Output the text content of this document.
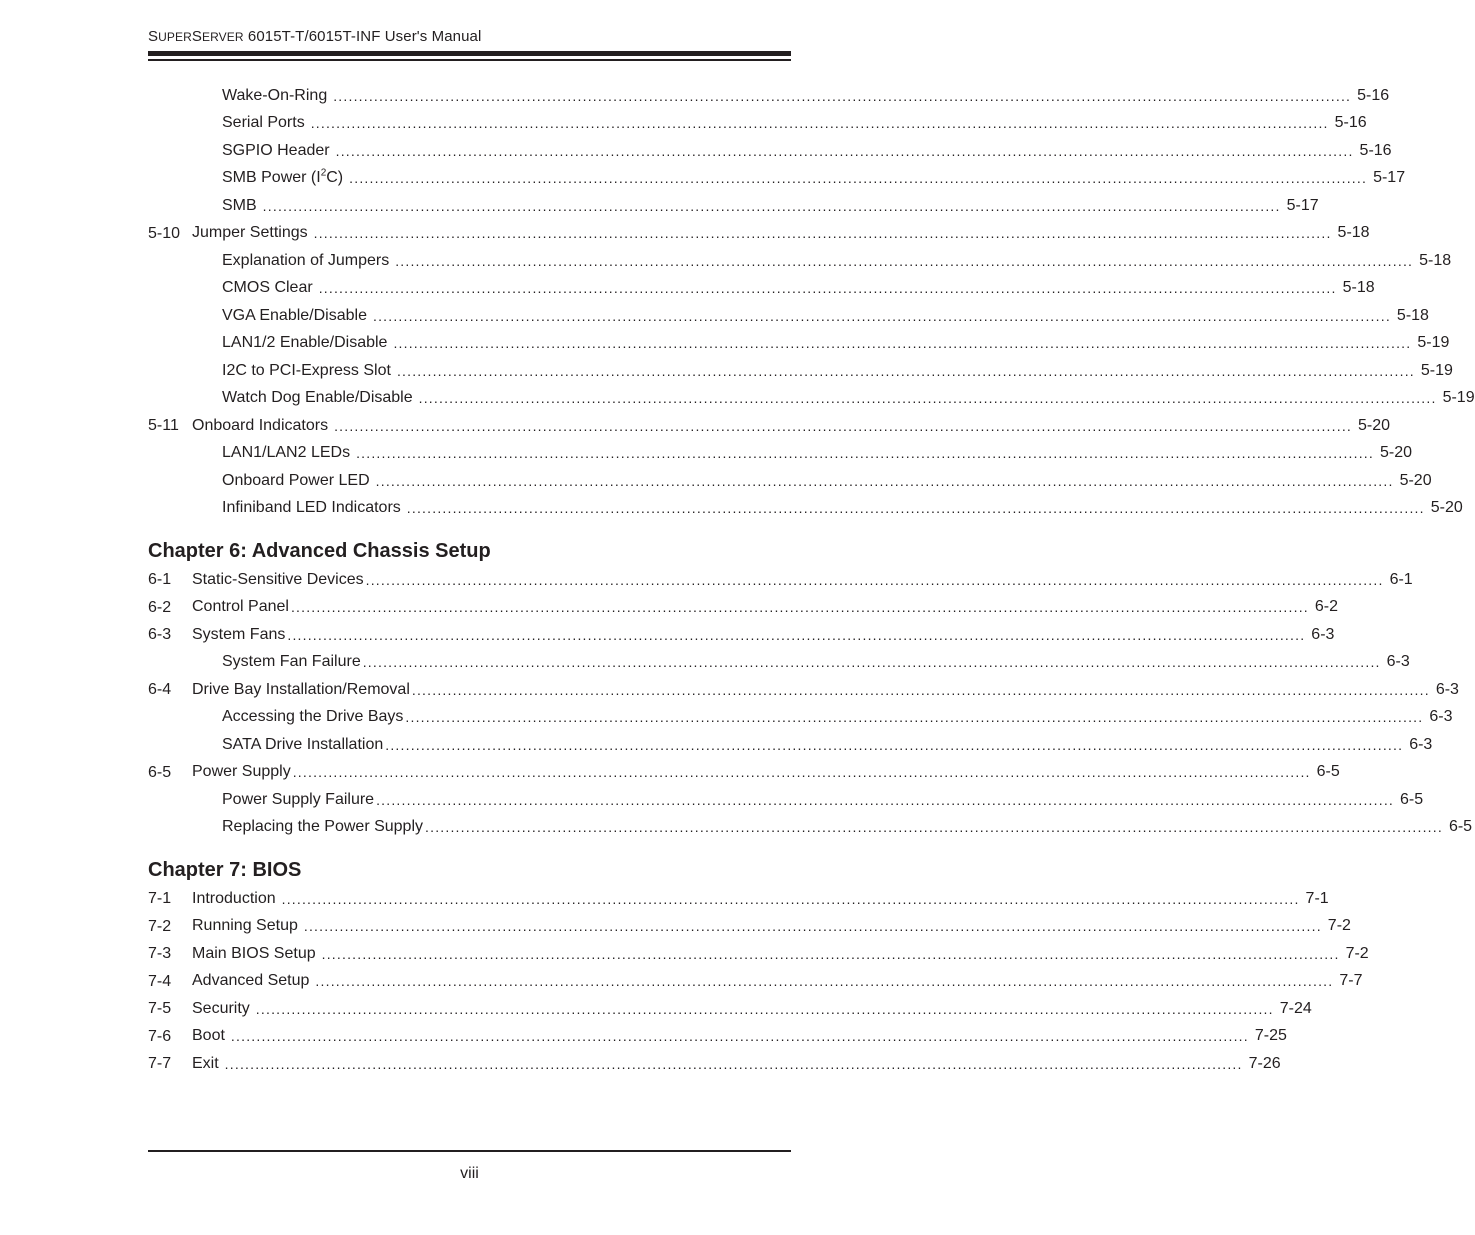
SUPERSERVER 6015T-T/6015T-INF User's Manual
Wake-On-Ring ........................................................................................................................................................................................................ 5-16
Serial Ports ........................................................................................................................................................................................................ 5-16
SGPIO Header ........................................................................................................................................................................................................ 5-16
SMB Power $(I^2C)$ ........................................................................................................................................................................................................ 5-17
SMB ........................................................................................................................................................................................................ 5-17
5-10 Jumper Settings ........................................................................................................................................................................................................ 5-18
Explanation of Jumpers ........................................................................................................................................................................................................ 5-18
CMOS Clear ........................................................................................................................................................................................................ 5-18
VGA Enable/Disable ........................................................................................................................................................................................................ 5-18
LAN1/2 Enable/Disable ........................................................................................................................................................................................................ 5-19
I2C to PCI-Express Slot ........................................................................................................................................................................................................ 5-19
Watch Dog Enable/Disable ........................................................................................................................................................................................................ 5-19
5-11 Onboard Indicators ........................................................................................................................................................................................................ 5-20
LAN1/LAN2 LEDs ........................................................................................................................................................................................................ 5-20
Onboard Power LED ........................................................................................................................................................................................................ 5-20
Infiniband LED Indicators ........................................................................................................................................................................................................ 5-20
Chapter 6: Advanced Chassis Setup
6-1 Static-Sensitive Devices ........................................................................................................................................................................................................ 6-1
6-2 Control Panel ........................................................................................................................................................................................................ 6-2
6-3 System Fans ........................................................................................................................................................................................................ 6-3
System Fan Failure ........................................................................................................................................................................................................ 6-3
6-4 Drive Bay Installation/Removal ........................................................................................................................................................................................................ 6-3
Accessing the Drive Bays ........................................................................................................................................................................................................ 6-3
SATA Drive Installation ........................................................................................................................................................................................................ 6-3
6-5 Power Supply ........................................................................................................................................................................................................ 6-5
Power Supply Failure ........................................................................................................................................................................................................ 6-5
Replacing the Power Supply ........................................................................................................................................................................................................ 6-5
Chapter 7: BIOS
7-1 Introduction ........................................................................................................................................................................................................ 7-1
7-2 Running Setup ........................................................................................................................................................................................................ 7-2
7-3 Main BIOS Setup ........................................................................................................................................................................................................ 7-2
7-4 Advanced Setup ........................................................................................................................................................................................................ 7-7
7-5 Security ........................................................................................................................................................................................................ 7-24
7-6 Boot ........................................................................................................................................................................................................ 7-25
7-7 Exit ........................................................................................................................................................................................................ 7-26
viii
